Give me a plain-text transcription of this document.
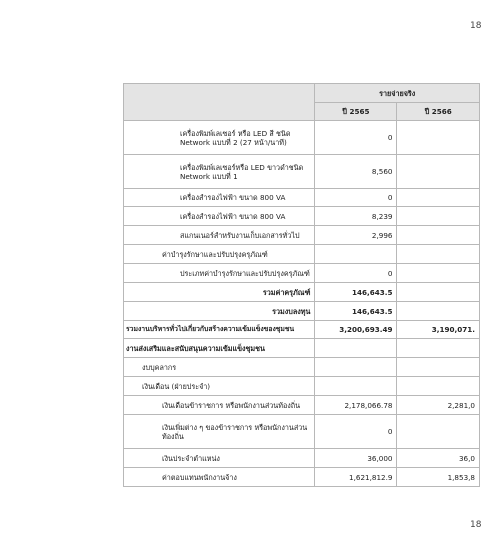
18
	รายจ่ายจริง	
	ปี 2565	ปี 2566
เครื่องพิมพ์เลเซอร์ หรือ LED สี ชนิด Network แบบที่ 2 (27 หน้า/นาที)	0	
เครื่องพิมพ์เลเซอร์หรือ LED ขาวดำชนิด Network แบบที่ 1	8,560	
เครื่องสำรองไฟฟ้า ขนาด 800 VA	0	
เครื่องสำรองไฟฟ้า ขนาด 800 VA	8,239	
สแกนเนอร์สำหรับงานเก็บเอกสารทั่วไป	2,996	
ค่าบำรุงรักษาและปรับปรุงครุภัณฑ์		
ประเภทค่าบำรุงรักษาและปรับปรุงครุภัณฑ์	0	
รวมค่าครุภัณฑ์	146,643.5	
รวมงบลงทุน	146,643.5	
รวมงานบริหารทั่วไปเกี่ยวกับสร้างความเข้มแข็งของชุมชน	3,200,693.49	3,190,071.
งานส่งเสริมและสนับสนุนความเข้มแข็งชุมชน		
งบบุคลากร		
เงินเดือน (ฝ่ายประจำ)		
เงินเดือนข้าราชการ หรือพนักงานส่วนท้องถิ่น	2,178,066.78	2,281,0
เงินเพิ่มต่าง ๆ ของข้าราชการ หรือพนักงานส่วนท้องถิ่น	0	
เงินประจำตำแหน่ง	36,000	36,0
ค่าตอบแทนพนักงานจ้าง	1,621,812.9	1,853,8
18
